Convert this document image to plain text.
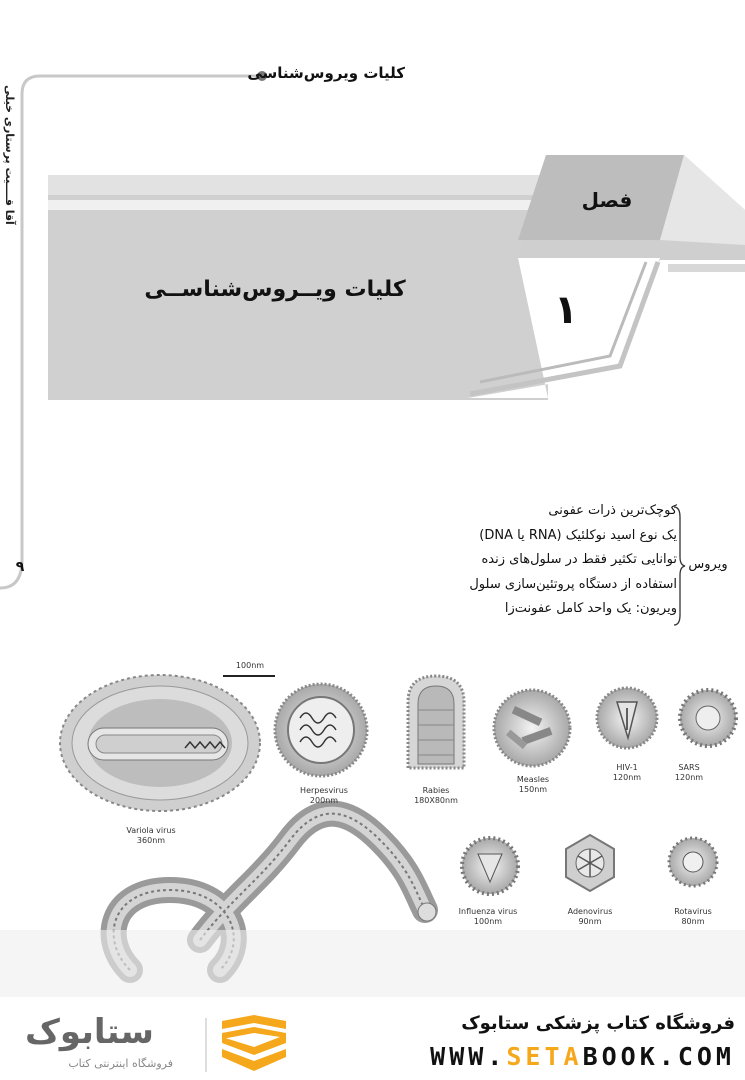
کلیات ویروس‌شناسی
آقا قــــیت پرستاری خیلی
۹
فصل
۱
کلیات ویــروس‌شناســی
ویروس
کوچک‌ترین ذرات عفونی
یک نوع اسید نوکلئیک (RNA یا DNA)
توانایی تکثیر فقط در سلول‌های زنده
استفاده از دستگاه پروتئین‌سازی سلول
ویریون: یک واحد کامل عفونت‌زا
100nm
Variola virus
360nm
Herpesvirus
200nm
Rabies
180X80nm
Measles
150nm
HIV-1
120nm
SARS
120nm
Influenza virus
100nm
Adenovirus
90nm
Rotavirus
80nm
فروشگاه کتاب پزشکی ستابوک
WWW.SETABOOK.COM
ستابوک
فروشگاه اینترنتی کتاب
